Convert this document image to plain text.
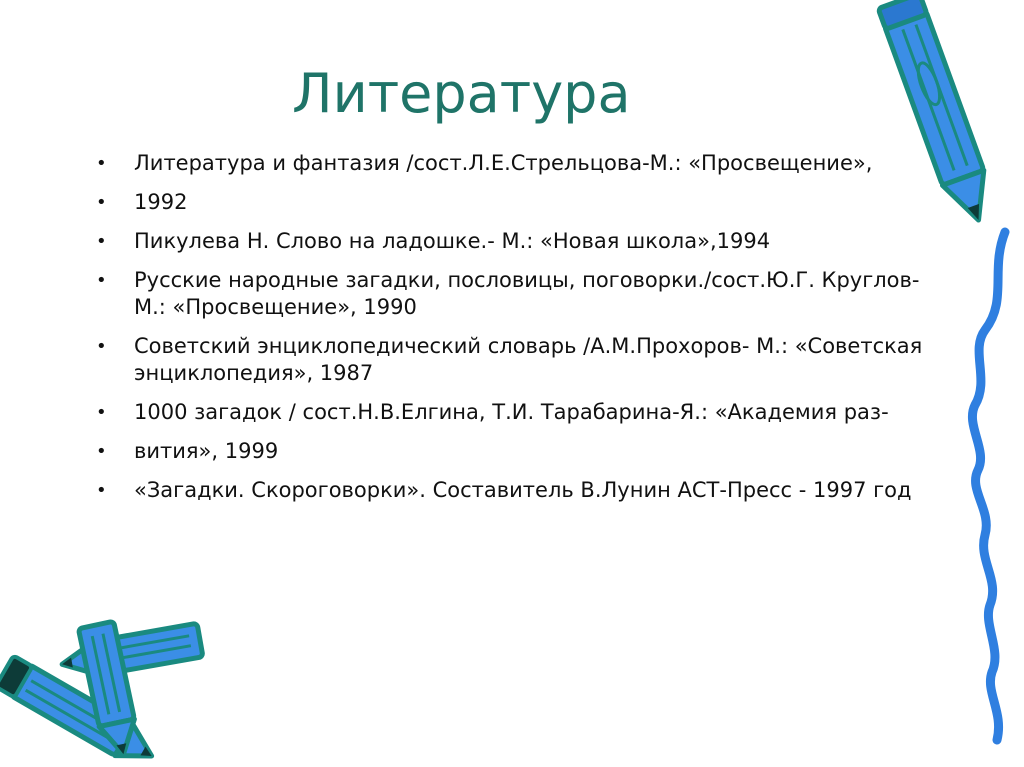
Литература
• Литература и фантазия /сост.Л.Е.Стрельцова-М.: «Просвещение»,
• 1992
• Пикулева Н. Слово на ладошке.- М.: «Новая школа»,1994
• Русские народные загадки, пословицы, поговорки./сост.Ю.Г. Круглов- М.: «Просвещение», 1990
• Советский энциклопедический словарь /А.М.Прохоров- М.: «Советская энциклопедия», 1987
• 1000 загадок / сост.Н.В.Елгина, Т.И. Тарабарина-Я.: «Академия раз-
• вития», 1999
• «Загадки. Скороговорки». Составитель В.Лунин АСТ-Пресс - 1997 год
